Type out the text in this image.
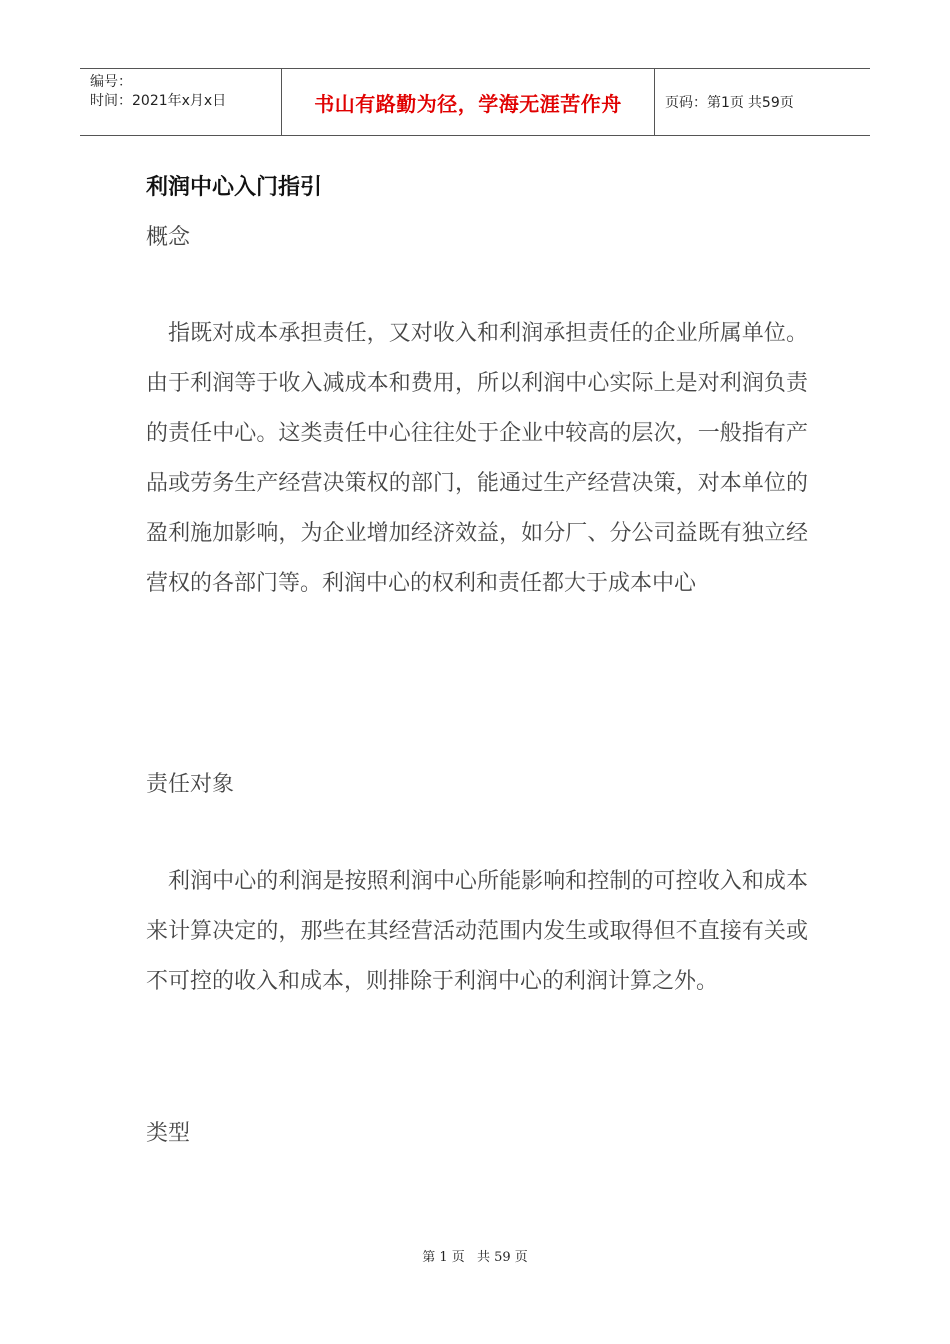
编号：
时间：2021年x月x日	书山有路勤为径，学海无涯苦作舟	页码：第1页 共59页
利润中心入门指引
概念

指既对成本承担责任，又对收入和利润承担责任的企业所属单位。由于利润等于收入减成本和费用，所以利润中心实际上是对利润负责的责任中心。这类责任中心往往处于企业中较高的层次，一般指有产品或劳务生产经营决策权的部门，能通过生产经营决策，对本单位的盈利施加影响，为企业增加经济效益，如分厂、分公司益既有独立经营权的各部门等。利润中心的权利和责任都大于成本中心

责任对象

利润中心的利润是按照利润中心所能影响和控制的可控收入和成本来计算决定的，那些在其经营活动范围内发生或取得但不直接有关或不可控的收入和成本，则排除于利润中心的利润计算之外。

类型
第 1 页 共 59 页
